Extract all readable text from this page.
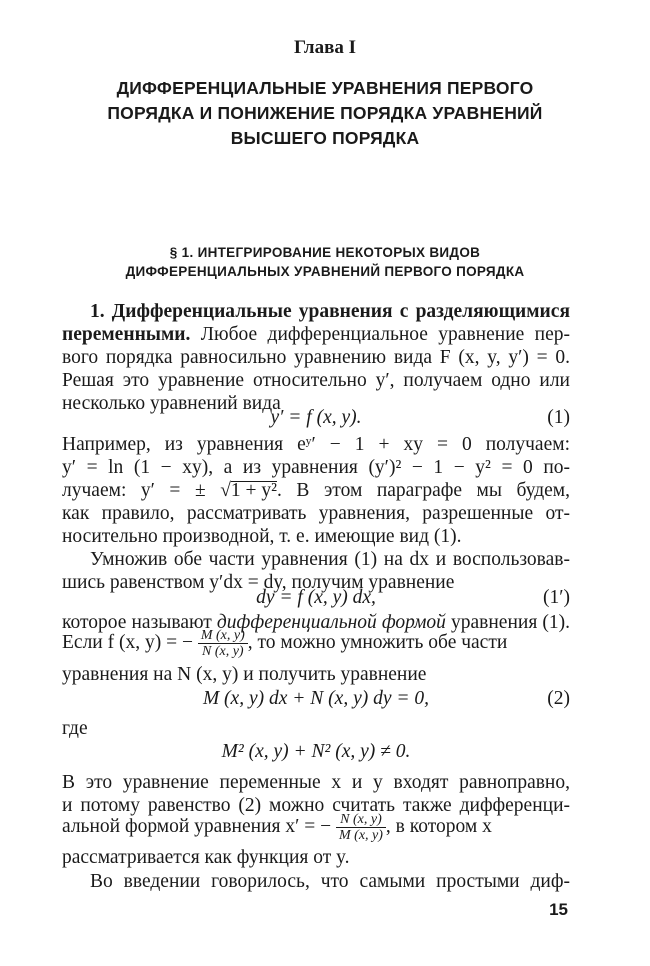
Глава I
ДИФФЕРЕНЦИАЛЬНЫЕ УРАВНЕНИЯ ПЕРВОГО
ПОРЯДКА И ПОНИЖЕНИЕ ПОРЯДКА УРАВНЕНИЙ
ВЫСШЕГО ПОРЯДКА
§ 1. ИНТЕГРИРОВАНИЕ НЕКОТОРЫХ ВИДОВ
ДИФФЕРЕНЦИАЛЬНЫХ УРАВНЕНИЙ ПЕРВОГО ПОРЯДКА
1. Дифференциальные уравнения с разделяющимися
переменными. Любое дифференциальное уравнение пер-
вого порядка равносильно уравнению вида F (x, y, y′) = 0.
Решая это уравнение относительно y′, получаем одно или
несколько уравнений вида
y′ = f (x, y).	(1)
Например, из уравнения eʸ′ − 1 + xy = 0 получаем:
y′ = ln (1 − xy), а из уравнения (y′)² − 1 − y² = 0 по-
лучаем: y′ = ± √1 + y². В этом параграфе мы будем,
как правило, рассматривать уравнения, разрешенные от-
носительно производной, т. е. имеющие вид (1).
Умножив обе части уравнения (1) на dx и воспользовав-
шись равенством y′dx = dy, получим уравнение
dy = f (x, y) dx,	(1′)
которое называют дифференциальной формой уравнения (1).
Если f (x, y) = − $\frac{M (x, y)}{N (x, y)}$ , то можно умножить обе части
уравнения на N (x, y) и получить уравнение
M (x, y) dx + N (x, y) dy = 0,	(2)
где
M² (x, y) + N² (x, y) ≠ 0.
В это уравнение переменные x и y входят равноправно,
и потому равенство (2) можно считать также дифференци-
альной формой уравнения x′ = − $\frac{N (x, y)}{M (x, y)}$ , в котором x
рассматривается как функция от y.
Во введении говорилось, что самыми простыми диф-
15
